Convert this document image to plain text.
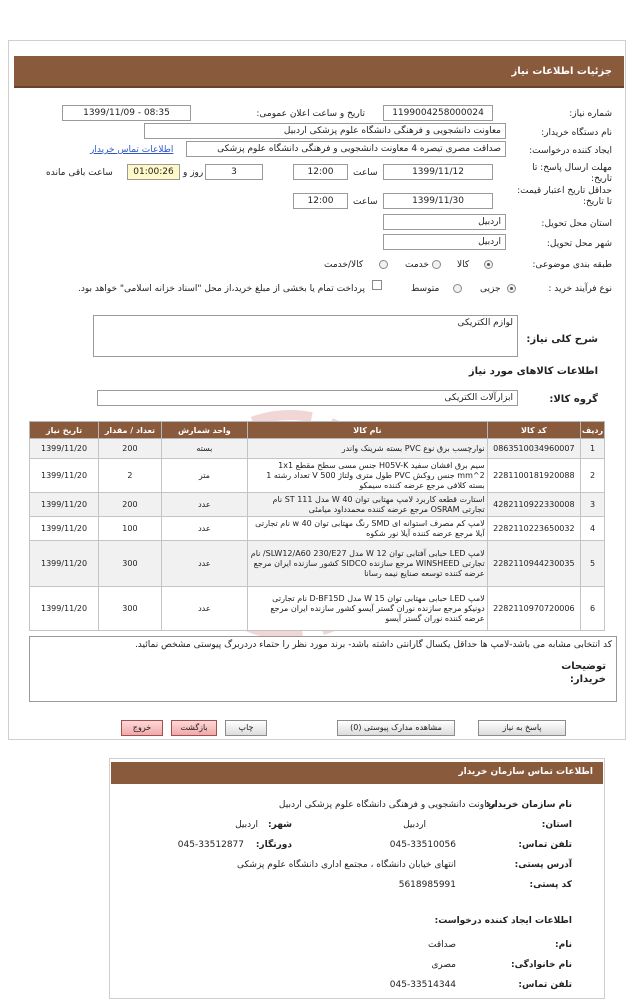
جزئیات اطلاعات نیاز
شماره نیاز:
1199004258000024
تاریخ و ساعت اعلان عمومی:
1399/11/09 - 08:35
نام دستگاه خریدار:
معاونت دانشجویی و فرهنگی دانشگاه علوم پزشکی اردبیل
ایجاد کننده درخواست:
صداقت مصری تیصره 4 معاونت دانشجویی و فرهنگی دانشگاه علوم پزشکی
اطلاعات تماس خریدار
مهلت ارسال پاسخ: تا تاریخ:
1399/11/12
ساعت
12:00
3
روز و
01:00:26
ساعت باقی مانده
حداقل تاریخ اعتبار قیمت: تا تاریخ:
1399/11/30
ساعت
12:00
استان محل تحویل:
اردبیل
شهر محل تحویل:
اردبیل
طبقه بندی موضوعی:
کالا
خدمت
کالا/خدمت
نوع فرآیند خرید :
جزیی
متوسط
پرداخت تمام یا بخشی از مبلغ خرید،از محل "اسناد خزانه اسلامی" خواهد بود.
شرح کلی نیاز:
لوازم الکتریکی
اطلاعات کالاهای مورد نیاز
گروه کالا:
ابزارآلات الکتریکی
ردیف	کد کالا	نام کالا	واحد شمارش	تعداد / مقدار	تاریخ نیاز
1	0863510034960007	نوارچسب برق نوع PVC بسته شرینک واندر	بسته	200	1399/11/20
2	2281100181920088	سیم برق افشان سفید H05V-K جنس مسی سطح مقطع 1x1 mm^2 جنس روکش PVC طول متری ولتاژ 500 V تعداد رشته 1 بسته کلافی مرجع عرضه کننده سیمکو	متر	2	1399/11/20
3	4282110922330008	استارت قطعه کاربرد لامپ مهتابی توان 40 W مدل ST 111 نام تجارتی OSRAM مرجع عرضه کننده محمدداود میامئی	عدد	200	1399/11/20
4	2282110223650032	لامپ کم مصرف استوانه ای SMD رنگ مهتابی توان 40 w نام تجارتی آیلا مرجع عرضه کننده آیلا نور شکوه	عدد	100	1399/11/20
5	2282110944230035	لامپ LED حبابی آفتابی توان 12 W مدل SLW12/A60 230/E27/ نام تجارتی WINSHEED مرجع سازنده SIDCO کشور سازنده ایران مرجع عرضه کننده توسعه صنایع نیمه رسانا	عدد	300	1399/11/20
6	2282110970720006	لامپ LED حبابی مهتابی توان 15 W مدل D-BF15D نام تجارتی دونیکو مرجع سازنده نوران گستر آیسو کشور سازنده ایران مرجع عرضه کننده نوران گستر آیسو	عدد	300	1399/11/20
کد انتخابی مشابه می باشد-لامپ ها حداقل یکسال گارانتی داشته باشد- برند مورد نظر را حتماء دردربرگ پیوستی مشخص نمائید.
توضیحات خریدار:
پاسخ به نیاز
مشاهده مدارک پیوستی (0)
چاپ
بازگشت
خروج
اطلاعات تماس سازمان خریدار
نام سازمان خریدار:
معاونت دانشجویی و فرهنگی دانشگاه علوم پزشکی اردبیل
استان:
اردبیل
شهر:
اردبیل
تلفن تماس:
045-33510056
دورنگار:
045-33512877
آدرس پستی:
انتهای خیابان دانشگاه ، مجتمع اداری دانشگاه علوم پزشکی
کد پستی:
5618985991
اطلاعات ایجاد کننده درخواست:
نام:
صداقت
نام خانوادگی:
مصری
تلفن تماس:
045-33514344
